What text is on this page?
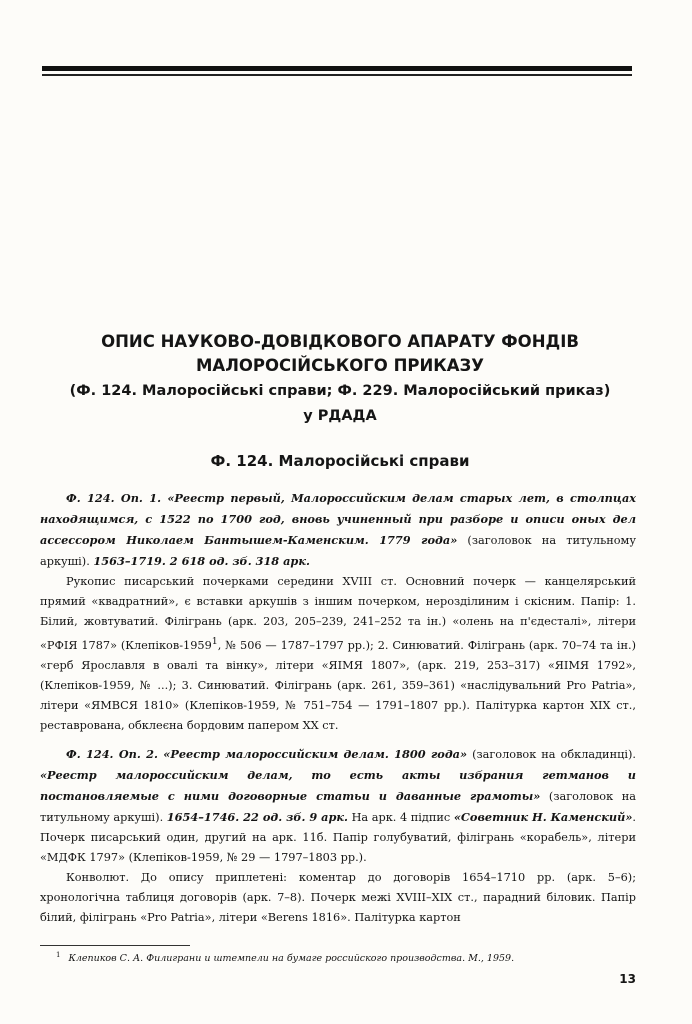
ОПИС НАУКОВО-ДОВІДКОВОГО АПАРАТУ ФОНДІВ
МАЛОРОСІЙСЬКОГО ПРИКАЗУ
(Ф. 124. Малоросійські справи; Ф. 229. Малоросійський приказ)
у РДАДА
Ф. 124. Малоросійські справи

Ф. 124. Оп. 1. «Реестр первый, Малороссийским делам старых лет, в столпцах находящимся, с 1522 по 1700 год, вновь учиненный при разборе и описи оных дел ассессором Николаем Бантышем-Каменским. 1779 года» (заголовок на титульному аркуші). 1563–1719. 2 618 од. зб. 318 арк.

Рукопис писарський почерками середини XVIII ст. Основний почерк — канцелярський прямий «квадратний», є вставки аркушів з іншим почерком, нерозділиним і скісним. Папір: 1. Білий, жовтуватий. Філігрань (арк. 203, 205–239, 241–252 та ін.) «олень на п'єдесталі», літери «РФІЯ 1787» (Клепіков-1959$^1$, № 506 — 1787–1797 рр.); 2. Синюватий. Філігрань (арк. 70–74 та ін.) «герб Ярославля в овалі та вінку», літери «ЯІМЯ 1807», (арк. 219, 253–317) «ЯІМЯ 1792», (Клепіков-1959, № ...); 3. Синюватий. Філігрань (арк. 261, 359–361) «наслідувальний Pro Patria», літери «ЯМВСЯ 1810» (Клепіков-1959, № 751–754 — 1791–1807 рр.). Палітурка картон XIX ст., реставрована, обклеєна бордовим папером XX ст.

Ф. 124. Оп. 2. «Реестр малороссийским делам. 1800 года» (заголовок на обкладинці). «Реестр малороссийским делам, то есть акты избрания гетманов и постановляемые с ними договорные статьи и даванные грамоты» (заголовок на титульному аркуші). 1654–1746. 22 од. зб. 9 арк. На арк. 4 підпис «Советник Н. Каменский». Почерк писарський один, другий на арк. 11б. Папір голубуватий, філігрань «корабель», літери «МДФК 1797» (Клепіков-1959, № 29 — 1797–1803 рр.).

Конволют. До опису приплетені: коментар до договорів 1654–1710 рр. (арк. 5–6); хронологічна таблиця договорів (арк. 7–8). Почерк межі XVIII–XIX ст., парадний біловик. Папір білий, філігрань «Pro Patria», літери «Berens 1816». Палітурка картон

$^1$ Клепиков С. А. Филиграни и штемпели на бумаге российского производства. М., 1959.
13
